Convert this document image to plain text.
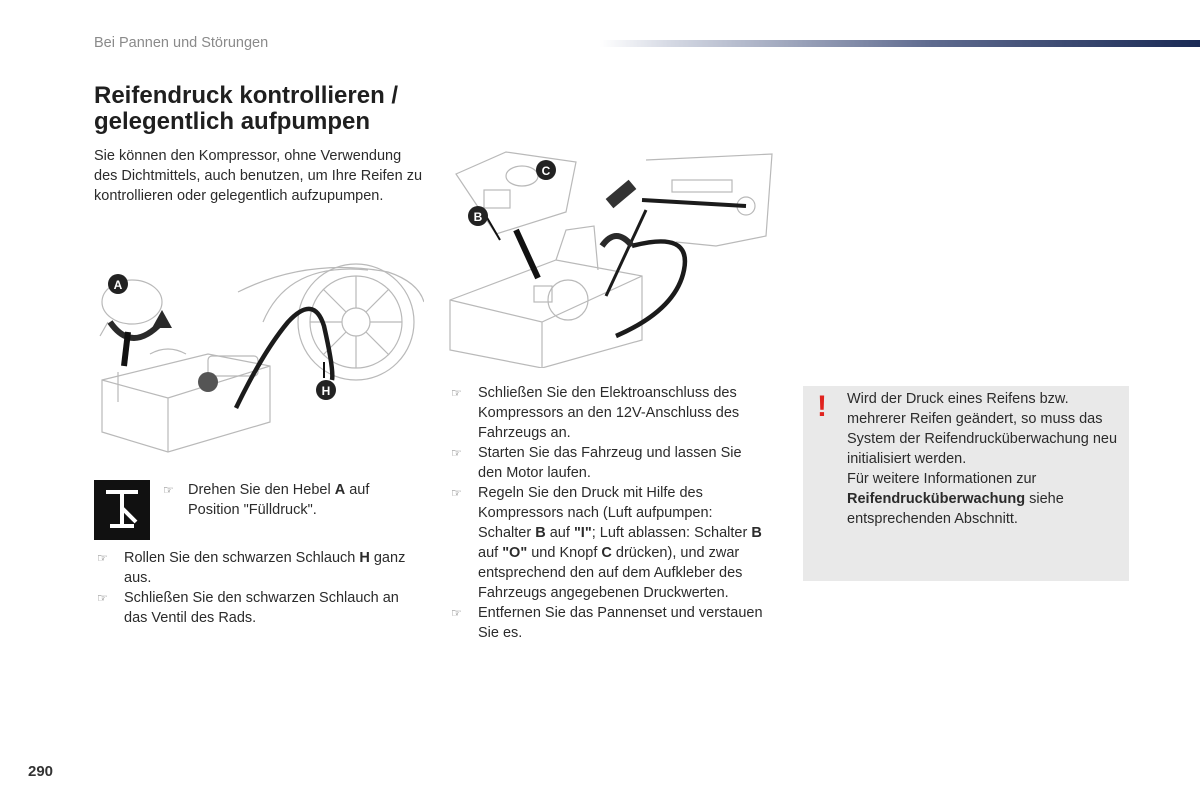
Bei Pannen und Störungen
Reifendruck kontrollieren /
gelegentlich aufpumpen
Sie können den Kompressor, ohne Verwendung des Dichtmittels, auch benutzen, um Ihre Reifen zu kontrollieren oder gelegentlich aufzupumpen.
A
H
C
B
☞ Drehen Sie den Hebel A auf Position "Fülldruck".
☞ Rollen Sie den schwarzen Schlauch H ganz aus.
☞ Schließen Sie den schwarzen Schlauch an das Ventil des Rads.
☞ Schließen Sie den Elektroanschluss des Kompressors an den 12V-Anschluss des Fahrzeugs an.
☞ Starten Sie das Fahrzeug und lassen Sie den Motor laufen.
☞ Regeln Sie den Druck mit Hilfe des Kompressors nach (Luft aufpumpen: Schalter B auf "I"; Luft ablassen: Schalter B auf "O" und Knopf C drücken), und zwar entsprechend den auf dem Aufkleber des Fahrzeugs angegebenen Druckwerten.
☞ Entfernen Sie das Pannenset und verstauen Sie es.
! Wird der Druck eines Reifens bzw. mehrerer Reifen geändert, so muss das System der Reifendrucküberwachung neu initialisiert werden.

Für weitere Informationen zur Reifendrucküberwachung siehe entsprechenden Abschnitt.

290
